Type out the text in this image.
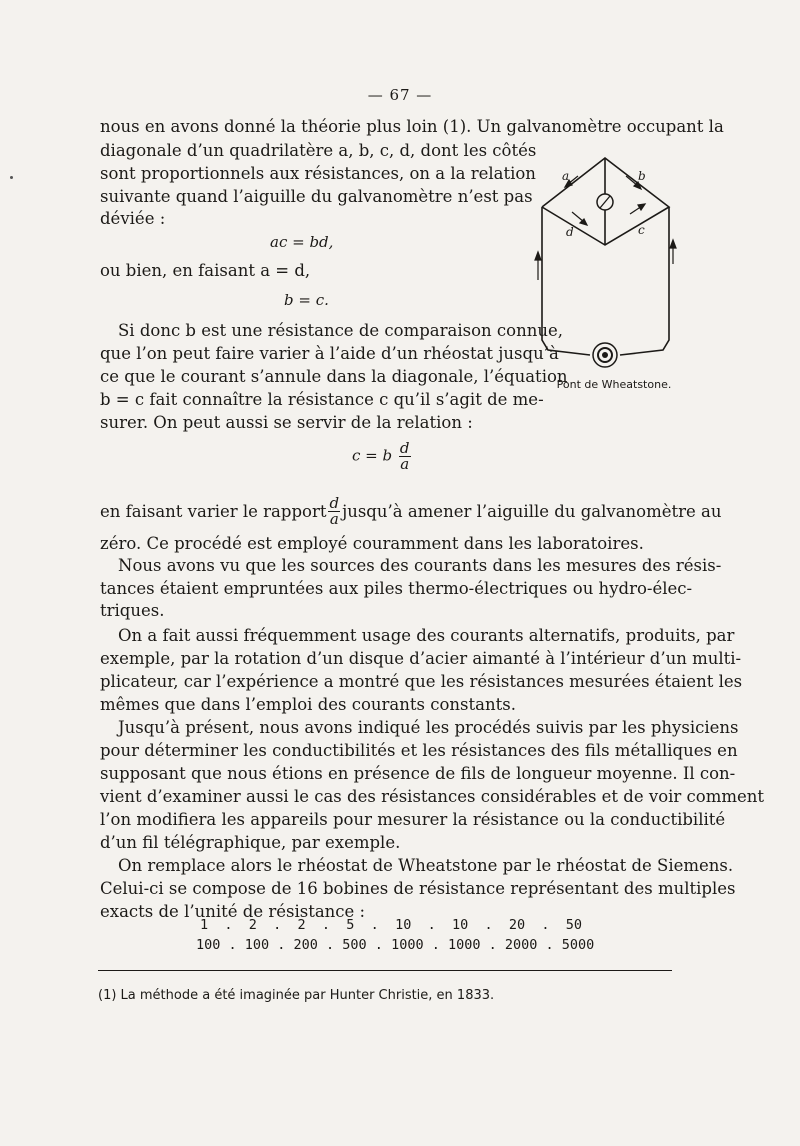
— 67 —
nous en avons donné la théorie plus loin (1). Un galvanomètre occupant la
diagonale d’un quadrilatère a, b, c, d, dont les côtés
sont proportionnels aux résistances, on a la relation
suivante quand l’aiguille du galvanomètre n’est pas
déviée :
ac = bd,
ou bien, en faisant a = d,
b = c.
Si donc b est une résistance de comparaison connue,
que l’on peut faire varier à l’aide d’un rhéostat jusqu’à
ce que le courant s’annule dans la diagonale, l’équation
b = c fait connaître la résistance c qu’il s’agit de me-
surer. On peut aussi se servir de la relation :
c = b $\frac{d}{a}$
en faisant varier le rapport $\frac{d}{a}$ jusqu’à amener l’aiguille du galvanomètre au
zéro. Ce procédé est employé couramment dans les laboratoires.
Nous avons vu que les sources des courants dans les mesures des résis-
tances étaient empruntées aux piles thermo-électriques ou hydro-élec-
triques.
On a fait aussi fréquemment usage des courants alternatifs, produits, par
exemple, par la rotation d’un disque d’acier aimanté à l’intérieur d’un multi-
plicateur, car l’expérience a montré que les résistances mesurées étaient les
mêmes que dans l’emploi des courants constants.
Jusqu’à présent, nous avons indiqué les procédés suivis par les physiciens
pour déterminer les conductibilités et les résistances des fils métalliques en
supposant que nous étions en présence de fils de longueur moyenne. Il con-
vient d’examiner aussi le cas des résistances considérables et de voir comment
l’on modifiera les appareils pour mesurer la résistance ou la conductibilité
d’un fil télégraphique, par exemple.
On remplace alors le rhéostat de Wheatstone par le rhéostat de Siemens.
Celui-ci se compose de 16 bobines de résistance représentant des multiples
exacts de l’unité de résistance :
1  .  2  .  2  .  5  .  10  .  10  .  20  .  50
100 . 100 . 200 . 500 . 1000 . 1000 . 2000 . 5000
a	b
c
d
Pont de Wheatstone.
(1) La méthode a été imaginée par Hunter Christie, en 1833.
